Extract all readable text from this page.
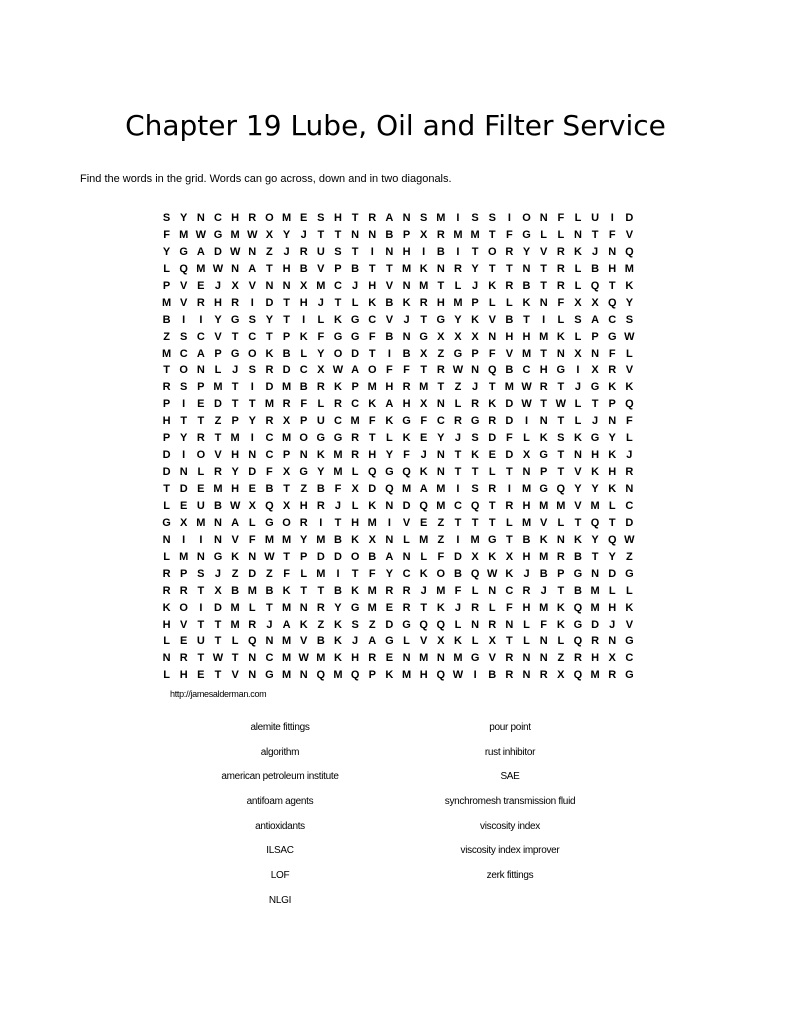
Chapter 19 Lube, Oil and Filter Service

Find the words in the grid. Words can go across, down and in two diagonals.

S Y N C H R O M E S H T R A N S M	I	S S	I	O N F L U	I	D
F M W G M W X Y J T T N N B P X R M M T F G L L N T F V
Y G A D W N Z J R U S T	I	N H	I	B	I	T O R Y V R K J N Q
L Q M W N A T H B V P B T T M K N R Y T T N T R L B H M
P V E J X V N N X M C J H V N M T L J K R B T R L Q T K
M V R H R	I	D T H J T L K B K R H M P L L K N F X X Q Y
B	I	I	Y G S Y T	I	L K G C V J T G Y K V B T	I	L S A C S
Z S C V T C T P K F G G F B N G X X X N H H M K L P G W
M C A P G O K B L Y O D T	I	B X Z G P F V M T N X N F L
T O N L J S R D C X W A O F F T R W N Q B C H G	I	X R V
R S P M T	I	D M B R K P M H R M T Z J T M W R T J G K K
P	I	E D T T M R F L R C K A H X N L R K D W T W L T P Q
H T T Z P Y R X P U C M F K G F C R G R D	I	N T L J N F
P Y R T M	I	C M O G G R T L K E Y J S D F L K S K G Y L
D	I	O V H N C P N K M R H Y F J N T K E D X G T N H K J
D N L R Y D F X G Y M L Q G Q K N T T L T N P T V K H R
T D E M H E B T Z B F X D Q M A M	I	S R	I	M G Q Y Y K N
L E U B W X Q X H R J L K N D Q M C Q T R H M M V M L C
G X M N A L G O R	I	T H M	I	V E Z T T T L M V L T Q T D
N	I	I	N V F M M Y M B K X N L M Z	I	M G T B K N K Y Q W
L M N G K N W T P D D O B A N L F D X K X H M R B T Y Z
R P S J Z D Z F L M	I	T F Y C K O B Q W K J B P G N D G
R R T X B M B K T T B K M R R J M F L N C R J T B M L L
K O	I	D M L T M N R Y G M E R T K J R L F H M K Q M H K
H V T T M R J A K Z K S Z D G Q Q L N R N L F K G D J V
L E U T L Q N M V B K J A G L V X K L X T L N L Q R N G
N R T W T N C M W M K H R E N M N M G V R N N Z R H X C
L H E T V N G M N Q M Q P K M H Q W I	B R N R X Q M R G
http://jamesalderman.com
alemite fittings
algorithm
american petroleum institute
antifoam agents
antioxidants
ILSAC
LOF
NLGI
pour point
rust inhibitor
SAE
synchromesh transmission fluid
viscosity index
viscosity index improver
zerk fittings
